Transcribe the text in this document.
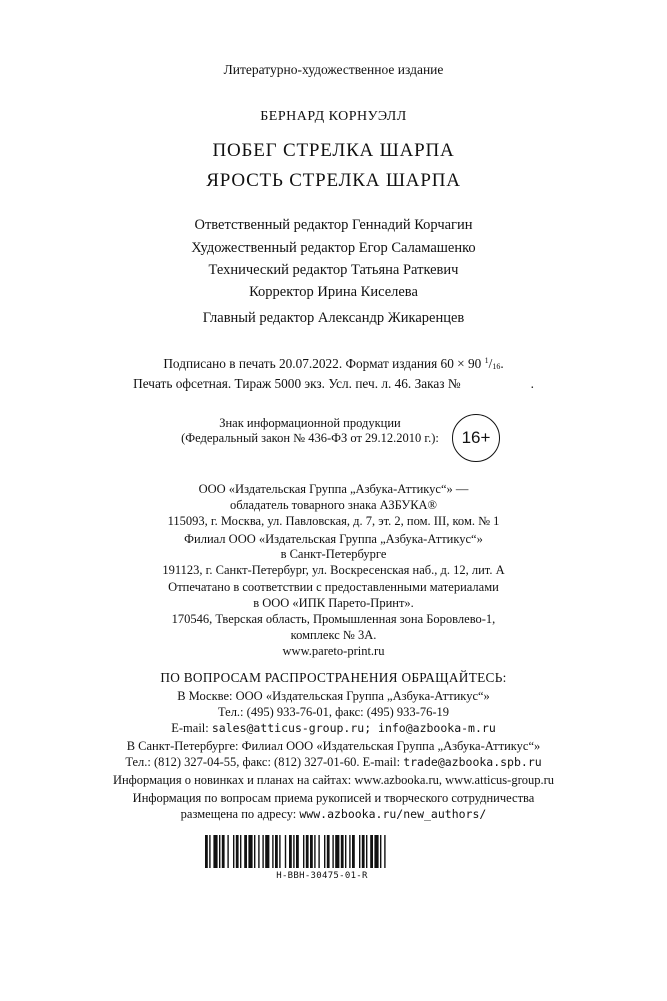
Литературно-художественное издание
БЕРНАРД КОРНУЭЛЛ
ПОБЕГ СТРЕЛКА ШАРПА
ЯРОСТЬ СТРЕЛКА ШАРПА
Ответственный редактор Геннадий Корчагин
Художественный редактор Егор Саламашенко
Технический редактор Татьяна Раткевич
Корректор Ирина Киселева
Главный редактор Александр Жикаренцев
Подписано в печать 20.07.2022. Формат издания 60 × 90 $^1/_{16}$.
Печать офсетная. Тираж 5000 экз. Усл. печ. л. 46. Заказ №	.
Знак информационной продукции
(Федеральный закон № 436-ФЗ от 29.12.2010 г.):	16+
ООО «Издательская Группа „Азбука-Аттикус“» —
обладатель товарного знака АЗБУКА®
115093, г. Москва, ул. Павловская, д. 7, эт. 2, пом. III, ком. № 1
Филиал ООО «Издательская Группа „Азбука-Аттикус“»
в Санкт-Петербурге
191123, г. Санкт-Петербург, ул. Воскресенская наб., д. 12, лит. А
Отпечатано в соответствии с предоставленными материалами
в ООО «ИПК Парето-Принт».
170546, Тверская область, Промышленная зона Боровлево-1,
комплекс № 3А.
www.pareto-print.ru
ПО ВОПРОСАМ РАСПРОСТРАНЕНИЯ ОБРАЩАЙТЕСЬ:
В Москве: ООО «Издательская Группа „Азбука-Аттикус“»
Тел.: (495) 933-76-01, факс: (495) 933-76-19
E-mail: sales@atticus-group.ru; info@azbooka-m.ru
В Санкт-Петербурге: Филиал ООО «Издательская Группа „Азбука-Аттикус“»
Тел.: (812) 327-04-55, факс: (812) 327-01-60. E-mail: trade@azbooka.spb.ru
Информация о новинках и планах на сайтах: www.azbooka.ru, www.atticus-group.ru
Информация по вопросам приема рукописей и творческого сотрудничества
размещена по адресу: www.azbooka.ru/new_authors/
H-BBH-30475-01-R
